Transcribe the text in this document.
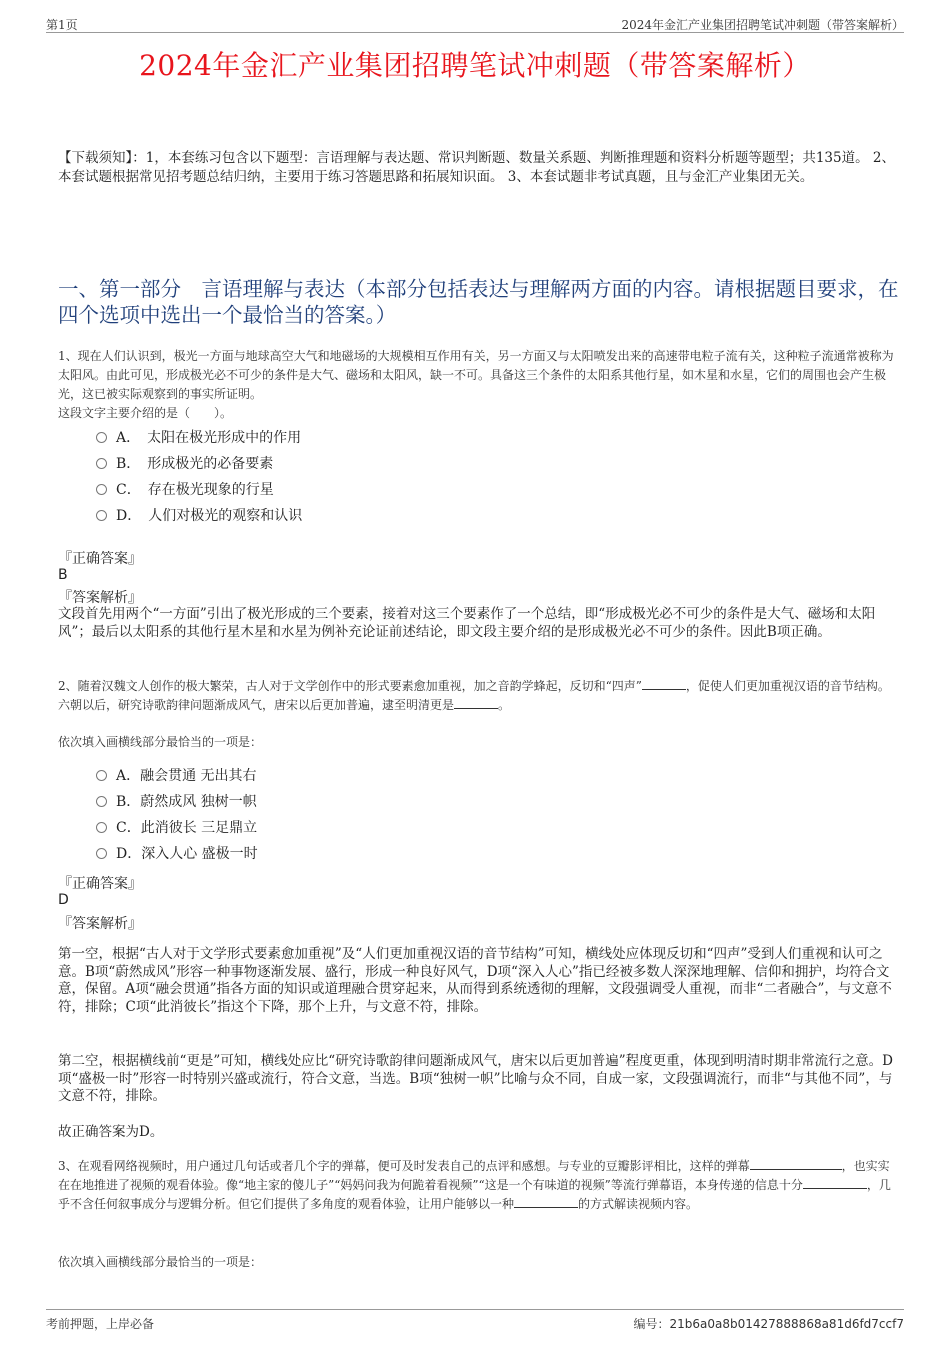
第1页	2024年金汇产业集团招聘笔试冲刺题（带答案解析）
2024年金汇产业集团招聘笔试冲刺题（带答案解析）
【下载须知】：1，本套练习包含以下题型：言语理解与表达题、常识判断题、数量关系题、判断推理题和资料分析题等题型；共135道。 2、本套试题根据常见招考题总结归纳，主要用于练习答题思路和拓展知识面。 3、本套试题非考试真题，且与金汇产业集团无关。
一、第一部分　言语理解与表达（本部分包括表达与理解两方面的内容。请根据题目要求，在四个选项中选出一个最恰当的答案。）
1、现在人们认识到，极光一方面与地球高空大气和地磁场的大规模相互作用有关，另一方面又与太阳喷发出来的高速带电粒子流有关，这种粒子流通常被称为太阳风。由此可见，形成极光必不可少的条件是大气、磁场和太阳风，缺一不可。具备这三个条件的太阳系其他行星，如木星和水星，它们的周围也会产生极光，这已被实际观察到的事实所证明。
这段文字主要介绍的是（　　）。
A．　太阳在极光形成中的作用
B．　形成极光的必备要素
C．　存在极光现象的行星
D．　人们对极光的观察和认识
『正确答案』
B
『答案解析』
文段首先用两个“一方面”引出了极光形成的三个要素，接着对这三个要素作了一个总结，即“形成极光必不可少的条件是大气、磁场和太阳风”；最后以太阳系的其他行星木星和水星为例补充论证前述结论，即文段主要介绍的是形成极光必不可少的条件。因此B项正确。
2、随着汉魏文人创作的极大繁荣，古人对于文学创作中的形式要素愈加重视，加之音韵学蜂起，反切和“四声”	，促使人们更加重视汉语的音节结构。六朝以后，研究诗歌韵律问题渐成风气，唐宋以后更加普遍，逮至明清更是	。
依次填入画横线部分最恰当的一项是：
A．融会贯通 无出其右
B．蔚然成风 独树一帜
C．此消彼长 三足鼎立
D．深入人心 盛极一时
『正确答案』
D
『答案解析』
第一空，根据“古人对于文学形式要素愈加重视”及“人们更加重视汉语的音节结构”可知，横线处应体现反切和“四声”受到人们重视和认可之意。B项“蔚然成风”形容一种事物逐渐发展、盛行，形成一种良好风气，D项“深入人心”指已经被多数人深深地理解、信仰和拥护，均符合文意，保留。A项“融会贯通”指各方面的知识或道理融合贯穿起来，从而得到系统透彻的理解，文段强调受人重视，而非“二者融合”，与文意不符，排除；C项“此消彼长”指这个下降，那个上升，与文意不符，排除。
第二空，根据横线前“更是”可知，横线处应比“研究诗歌韵律问题渐成风气，唐宋以后更加普遍”程度更重，体现到明清时期非常流行之意。D项“盛极一时”形容一时特别兴盛或流行，符合文意，当选。B项“独树一帜”比喻与众不同，自成一家，文段强调流行，而非“与其他不同”，与文意不符，排除。
故正确答案为D。
3、在观看网络视频时，用户通过几句话或者几个字的弹幕，便可及时发表自己的点评和感想。与专业的豆瓣影评相比，这样的弹幕	，也实实在在地推进了视频的观看体验。像“地主家的傻儿子”“妈妈问我为何跪着看视频”“这是一个有味道的视频”等流行弹幕语，本身传递的信息十分	，几乎不含任何叙事成分与逻辑分析。但它们提供了多角度的观看体验，让用户能够以一种	的方式解读视频内容。
依次填入画横线部分最恰当的一项是：
考前押题，上岸必备	编号：21b6a0a8b01427888868a81d6fd7ccf7
